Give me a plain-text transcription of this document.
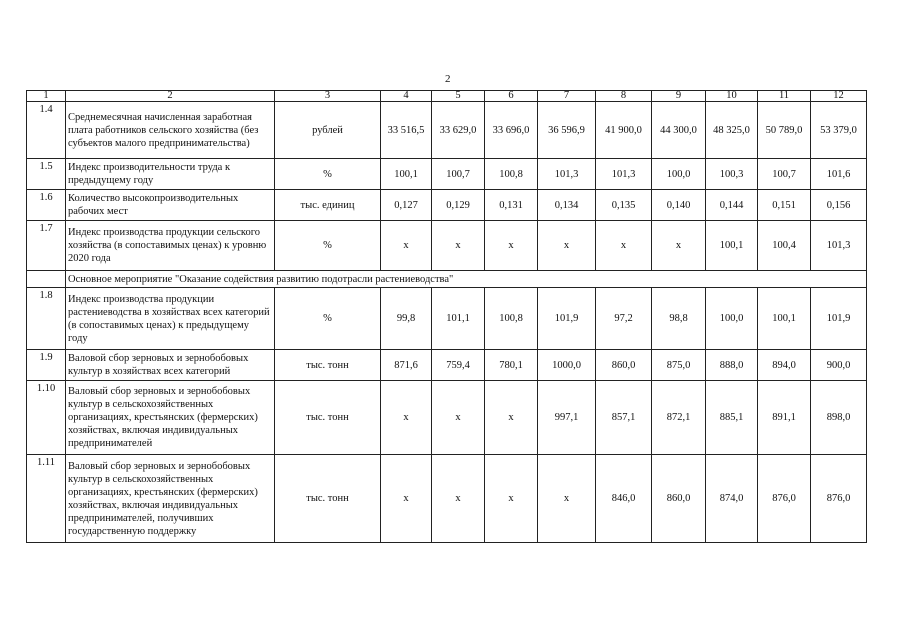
2
1	2	3	4	5	6	7	8	9	10	11	12
1.4	Среднемесячная начисленная заработная плата работников сельского хозяйства (без субъектов малого предпринимательства)	рублей	33 516,5	33 629,0	33 696,0	36 596,9	41 900,0	44 300,0	48 325,0	50 789,0	53 379,0
1.5	Индекс производительности труда к предыдущему году	%	100,1	100,7	100,8	101,3	101,3	100,0	100,3	100,7	101,6
1.6	Количество высокопроизводительных рабочих мест	тыс. единиц	0,127	0,129	0,131	0,134	0,135	0,140	0,144	0,151	0,156
1.7	Индекс производства продукции сельского хозяйства (в сопоставимых ценах) к уровню 2020 года	%	x	x	x	x	x	x	100,1	100,4	101,3
	Основное мероприятие "Оказание содействия развитию подотрасли растениеводства"										
1.8	Индекс производства продукции растениеводства в хозяйствах всех категорий (в сопоставимых ценах) к предыдущему году	%	99,8	101,1	100,8	101,9	97,2	98,8	100,0	100,1	101,9
1.9	Валовой сбор зерновых и зернобобовых культур в хозяйствах всех категорий	тыс. тонн	871,6	759,4	780,1	1000,0	860,0	875,0	888,0	894,0	900,0
1.10	Валовый сбор зерновых и зернобобовых культур в сельскохозяйственных организациях, крестьянских (фермерских) хозяйствах, включая индивидуальных предпринимателей	тыс. тонн	x	x	x	997,1	857,1	872,1	885,1	891,1	898,0
1.11	Валовый сбор зерновых и зернобобовых культур в сельскохозяйственных организациях, крестьянских (фермерских) хозяйствах, включая индивидуальных предпринимателей, получивших государственную поддержку	тыс. тонн	x	x	x	x	846,0	860,0	874,0	876,0	876,0
